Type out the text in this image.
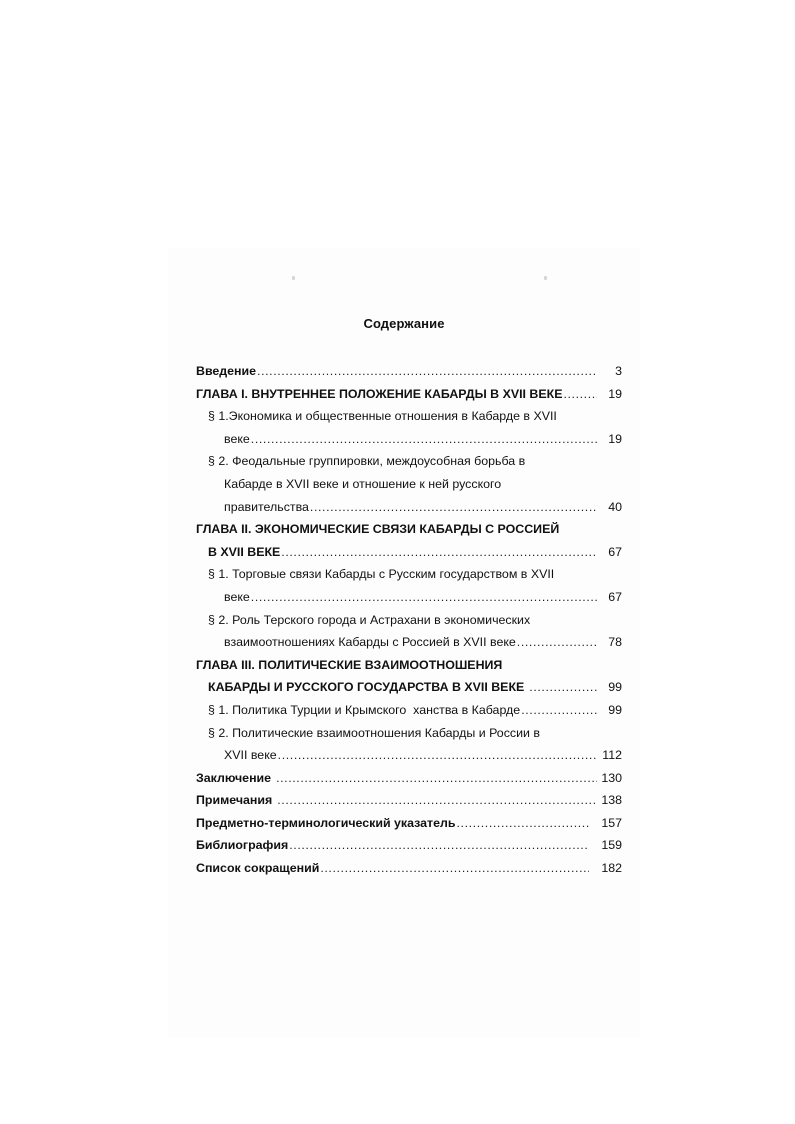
Содержание
Введение .....	3
ГЛАВА I. ВНУТРЕННЕЕ ПОЛОЖЕНИЕ КАБАРДЫ В XVII ВЕКЕ .....	19
§ 1.Экономика и общественные отношения в Кабарде в XVII
веке .....	19
§ 2. Феодальные группировки, междоусобная борьба в
Кабарде в XVII веке и отношение к ней русского
правительства .....	40
ГЛАВА II. ЭКОНОМИЧЕСКИЕ СВЯЗИ КАБАРДЫ С РОССИЕЙ
В XVII ВЕКЕ .....	67
§ 1. Торговые связи Кабарды с Русским государством в XVII
веке .....	67
§ 2. Роль Терского города и Астрахани в экономических
взаимоотношениях Кабарды с Россией в XVII веке .....	78
ГЛАВА III. ПОЛИТИЧЕСКИЕ ВЗАИМООТНОШЕНИЯ
КАБАРДЫ И РУССКОГО ГОСУДАРСТВА В XVII ВЕКЕ .....	99
§ 1. Политика Турции и Крымского  ханства в Кабарде .....	99
§ 2. Политические взаимоотношения Кабарды и России в
XVII веке .....	112
Заключение .....	130
Примечания .....	138
Предметно-терминологический указатель .....	157
Библиография .....	159
Список сокращений .....	182
